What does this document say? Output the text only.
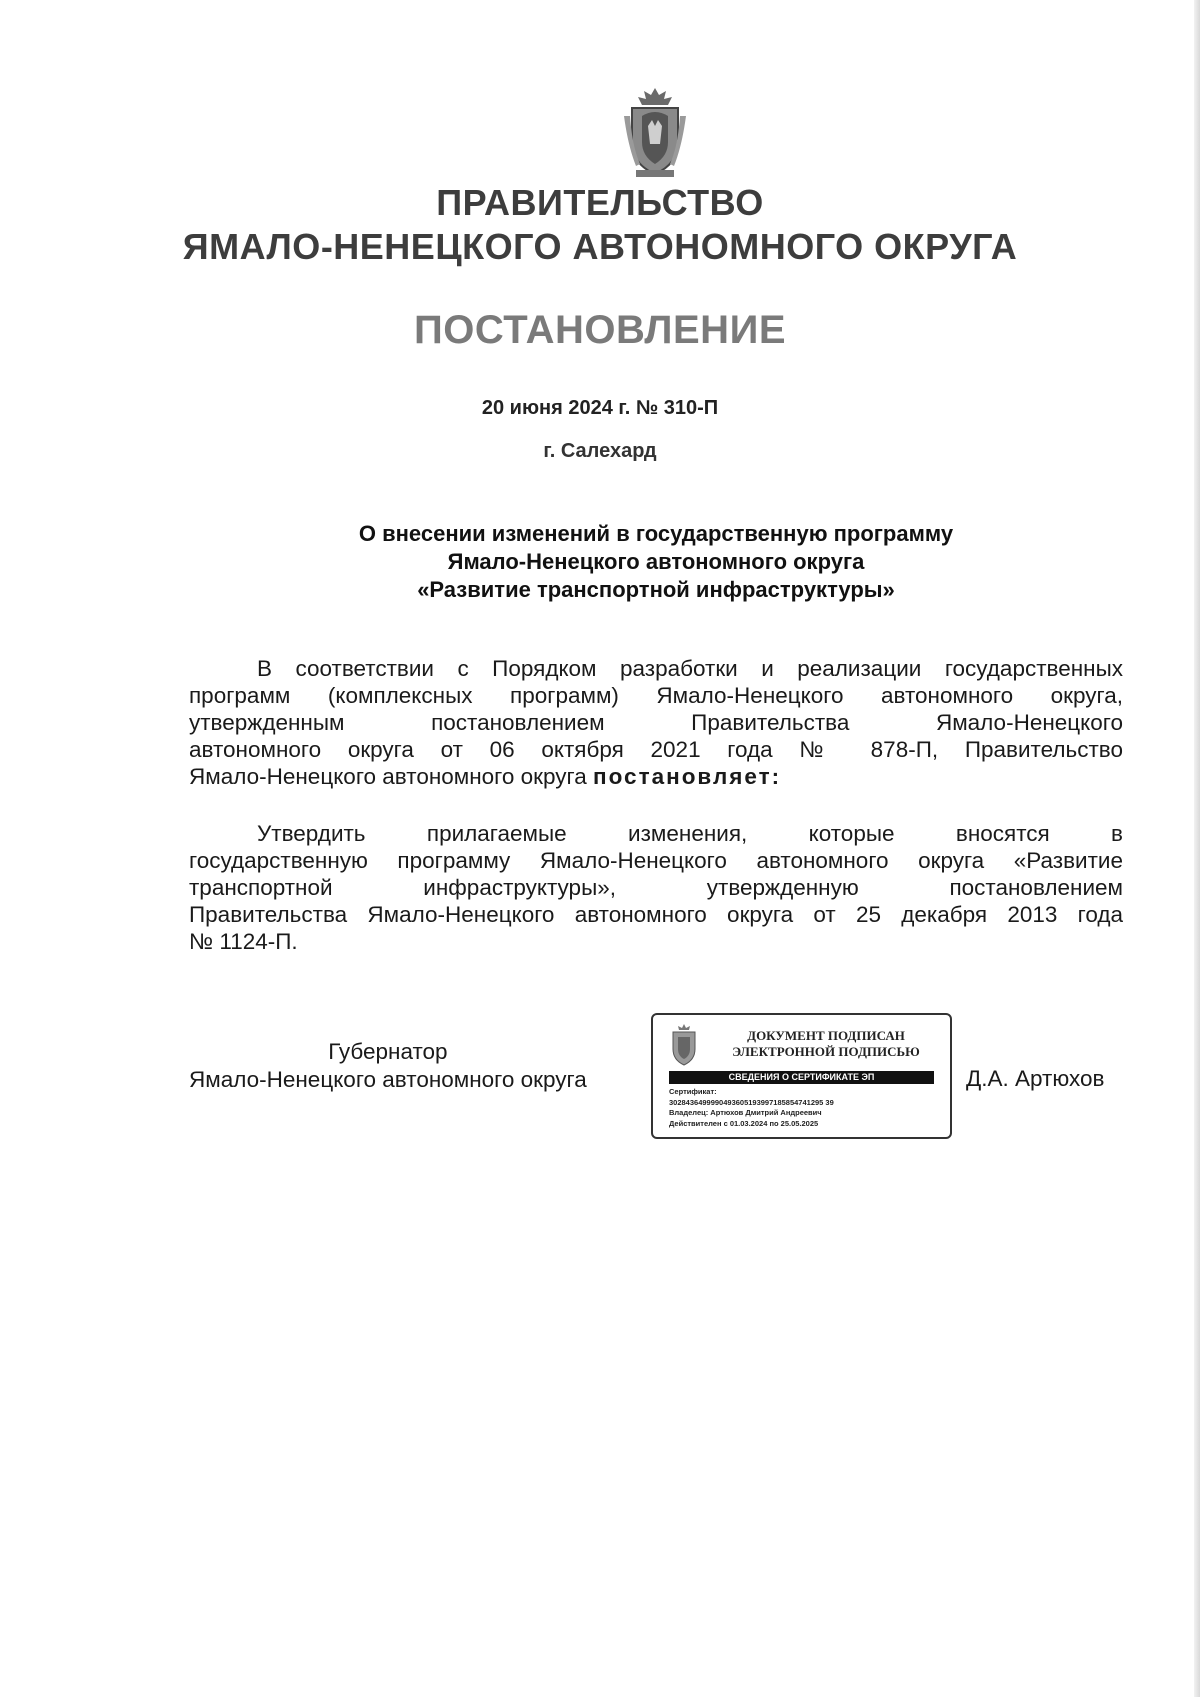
ПРАВИТЕЛЬСТВО
ЯМАЛО-НЕНЕЦКОГО АВТОНОМНОГО ОКРУГА
ПОСТАНОВЛЕНИЕ
20 июня 2024 г. № 310-П
г. Салехард
О внесении изменений в государственную программу
Ямало-Ненецкого автономного округа
«Развитие транспортной инфраструктуры»
В соответствии с Порядком разработки и реализации государственных
программ (комплексных программ) Ямало-Ненецкого автономного округа,
утвержденным постановлением Правительства Ямало-Ненецкого
автономного округа от 06 октября 2021 года № 878-П, Правительство
Ямало-Ненецкого автономного округа постановляет:
Утвердить прилагаемые изменения, которые вносятся в
государственную программу Ямало-Ненецкого автономного округа «Развитие
транспортной инфраструктуры», утвержденную постановлением
Правительства Ямало-Ненецкого автономного округа от 25 декабря 2013 года
№ 1124-П.
Губернатор
Ямало-Ненецкого автономного округа
ДОКУМЕНТ ПОДПИСАН
ЭЛЕКТРОННОЙ ПОДПИСЬЮ
СВЕДЕНИЯ О СЕРТИФИКАТЕ ЭП
Сертификат:
3028436499990493605193997185854741295 39
Владелец: Артюхов Дмитрий Андреевич
Действителен с 01.03.2024 по 25.05.2025
Д.А. Артюхов
